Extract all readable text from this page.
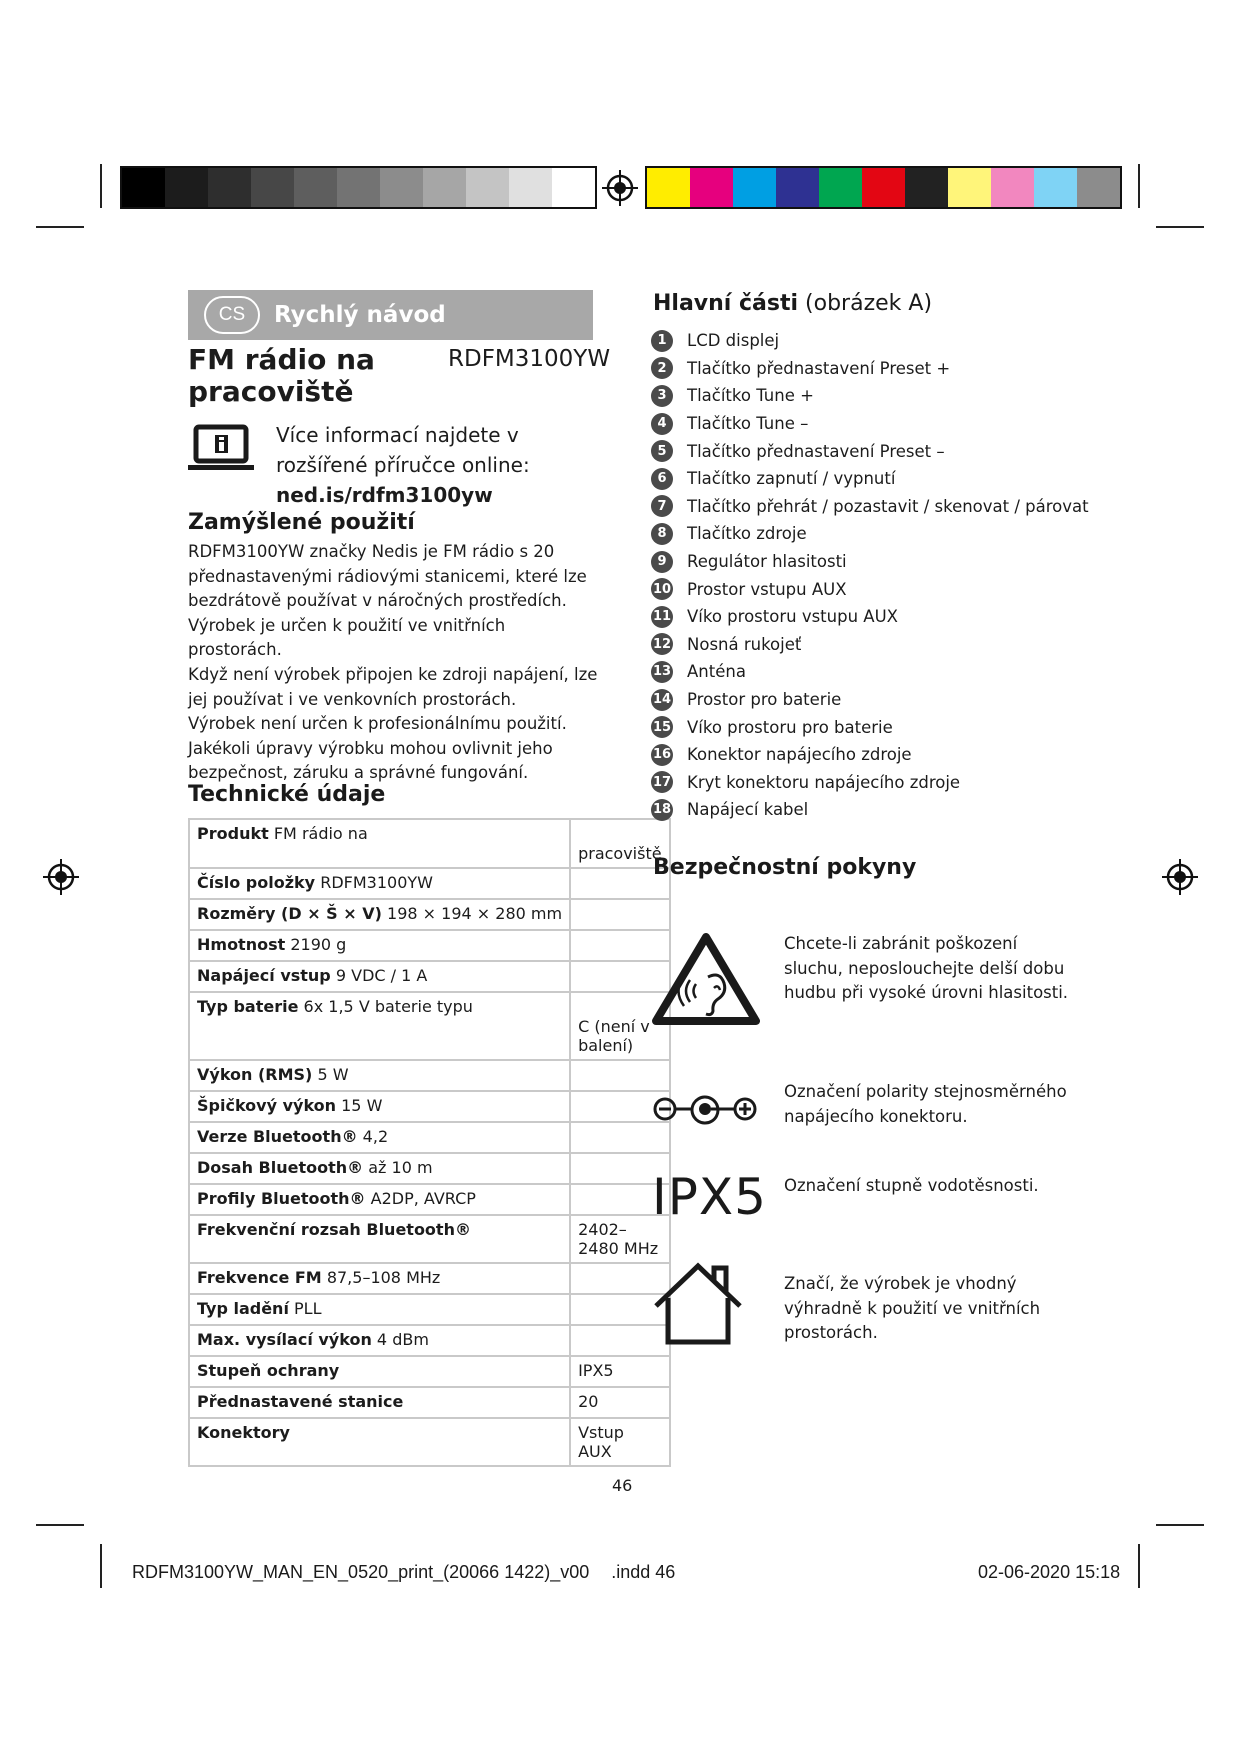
CS	Rychlý návod
FM rádio na pracoviště
RDFM3100YW
Více informací najdete v
rozšířené příručce online:
ned.is/rdfm3100yw
Zamýšlené použití

RDFM3100YW značky Nedis je FM rádio s 20 přednastavenými rádiovými stanicemi, které lze bezdrátově používat v náročných prostředích.

Výrobek je určen k použití ve vnitřních prostorách.

Když není výrobek připojen ke zdroji napájení, lze jej používat i ve venkovních prostorách.

Výrobek není určen k profesionálnímu použití.

Jakékoli úpravy výrobku mohou ovlivnit jeho bezpečnost, záruku a správné fungování.

Technické údaje
Produkt FM rádio na	pracoviště
Číslo položky RDFM3100YW	
Rozměry (D × Š × V) 198 × 194 × 280 mm	
Hmotnost 2190 g	
Napájecí vstup 9 VDC / 1 A	
Typ baterie 6x 1,5 V baterie typu	C (není v balení)
Výkon (RMS) 5 W	
Špičkový výkon 15 W	
Verze Bluetooth® 4,2	
Dosah Bluetooth® až 10 m	
Profily Bluetooth® A2DP, AVRCP	
Frekvenční rozsah Bluetooth®	2402–2480 MHz
Frekvence FM 87,5–108 MHz	
Typ ladění PLL	
Max. vysílací výkon 4 dBm	
Stupeň ochrany	IPX5
Přednastavené stanice	20
Konektory	Vstup AUX
Hlavní části (obrázek A)
1	LCD displej
2	Tlačítko přednastavení Preset +
3	Tlačítko Tune +
4	Tlačítko Tune –
5	Tlačítko přednastavení Preset –
6	Tlačítko zapnutí / vypnutí
7	Tlačítko přehrát / pozastavit / skenovat / párovat
8	Tlačítko zdroje
9	Regulátor hlasitosti
10 Prostor vstupu AUX
11 Víko prostoru vstupu AUX
12 Nosná rukojeť
13 Anténa
14 Prostor pro baterie
15 Víko prostoru pro baterie
16 Konektor napájecího zdroje
17 Kryt konektoru napájecího zdroje
18 Napájecí kabel
Bezpečnostní pokyny
Chcete-li zabránit poškození sluchu, neposlouchejte delší dobu hudbu při vysoké úrovni hlasitosti.
Označení polarity stejnosměrného napájecího konektoru.
IPX5 Označení stupně vodotěsnosti.
Značí, že výrobek je vhodný výhradně k použití ve vnitřních prostorách.
46
RDFM3100YW_MAN_EN_0520_print_(20066 1422)_v00 .indd 46	02-06-2020 15:18
